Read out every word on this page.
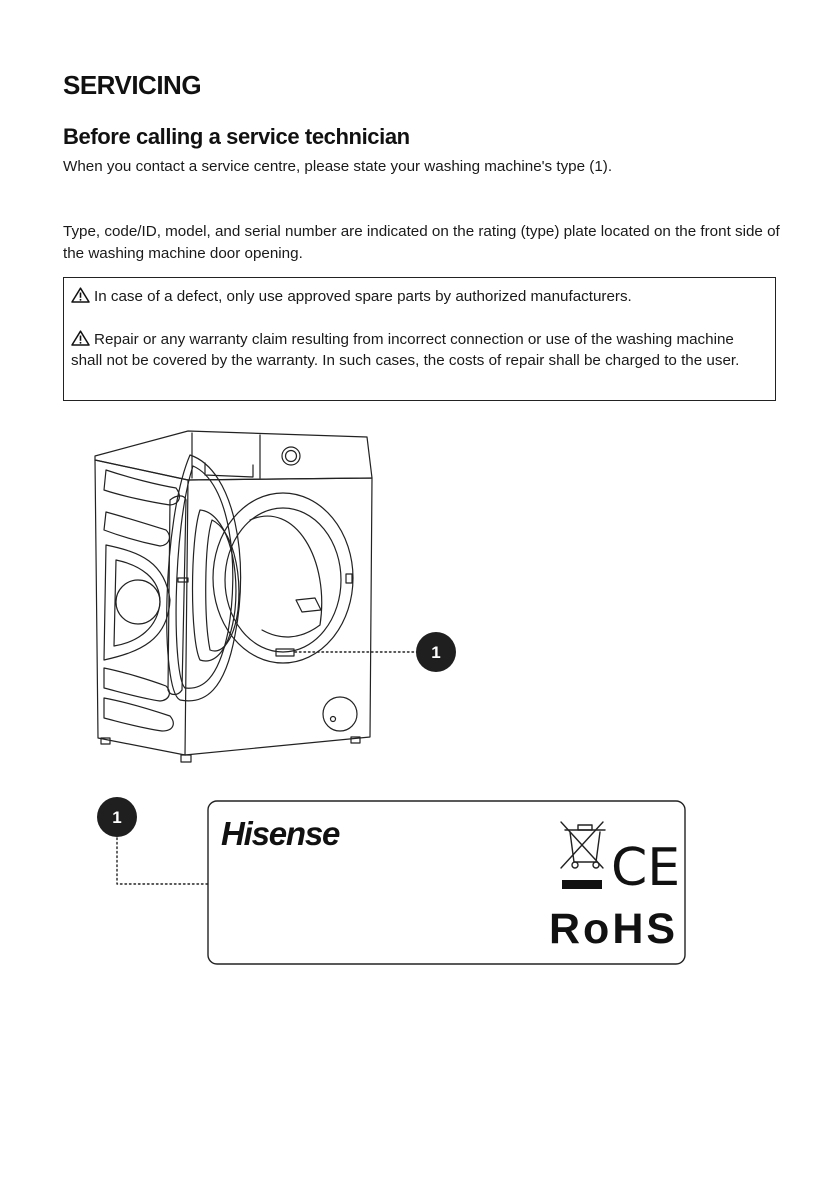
SERVICING
Before calling a service technician

When you contact a service centre, please state your washing machine's type (1).

Type, code/ID, model, and serial number are indicated on the rating (type) plate located on the front side of the washing machine door opening.

In case of a defect, only use approved spare parts by authorized manufacturers.

Repair or any warranty claim resulting from incorrect connection or use of the washing machine shall not be covered by the warranty. In such cases, the costs of repair shall be charged to the user.

1
1
CE
Hisense
RoHS
